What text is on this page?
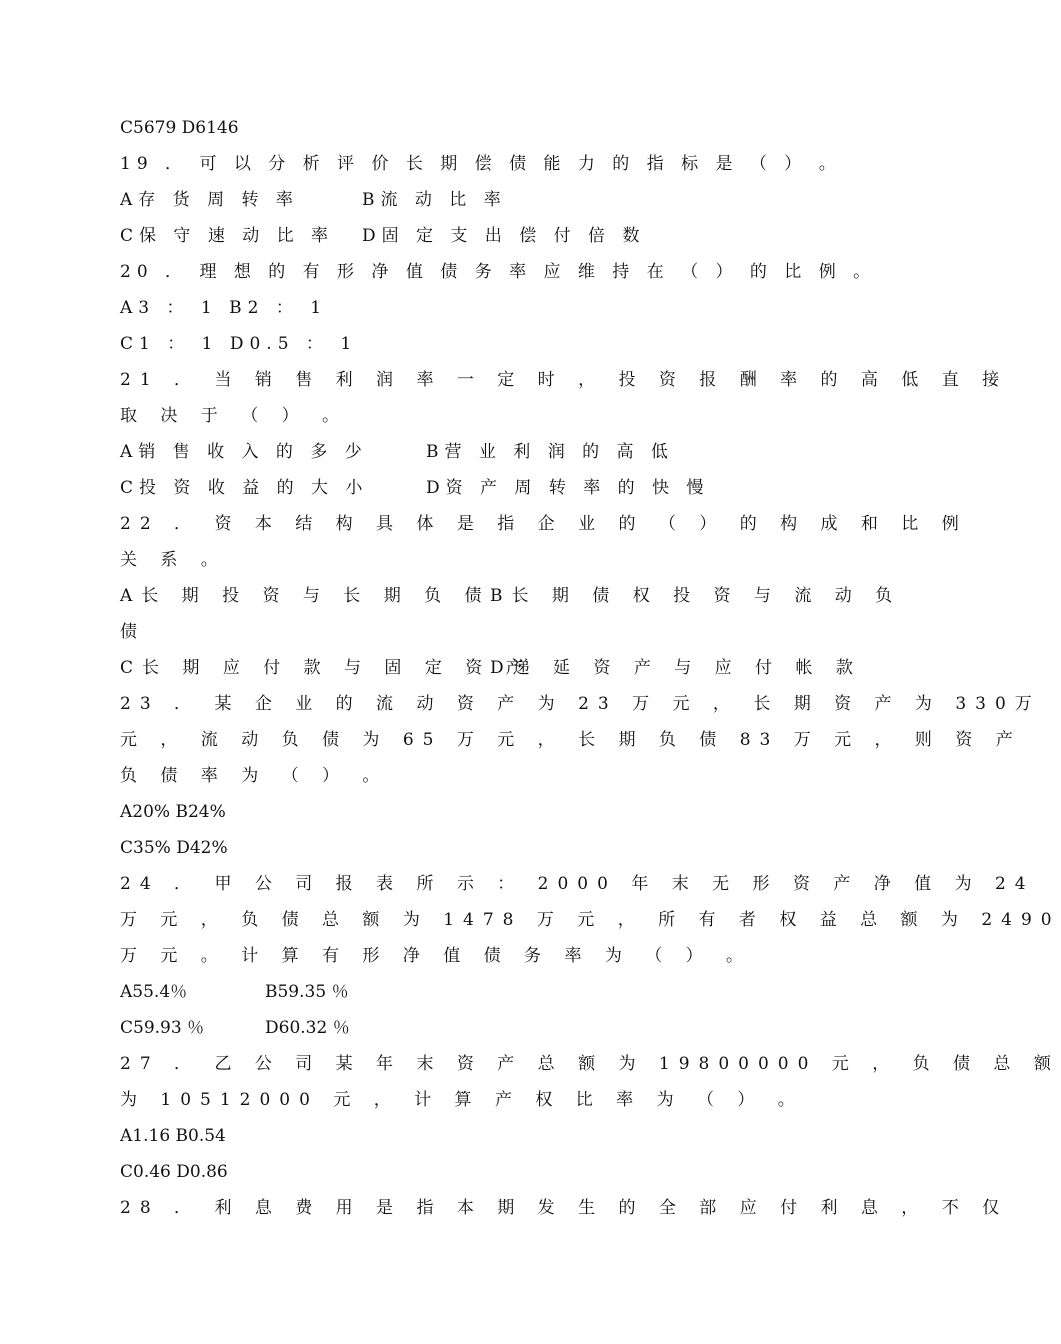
C5679 D6146
19 ． 可 以 分 析 评 价 长 期 偿 债 能 力 的 指 标 是 （ ） 。
A存 货 周 转 率	B流 动 比 率
C保 守 速 动 比 率 D固 定 支 出 偿 付 倍 数
20 ． 理 想 的 有 形 净 值 债 务 率 应 维 持 在 （ ） 的 比 例 。
A3 ： 1 B2 ： 1
C1 ： 1 D0.5 ： 1
21 ． 当 销 售 利 润 率 一 定 时 ， 投 资 报 酬 率 的 高 低 直 接
取 决 于 （ ） 。
A销 售 收 入 的 多 少	B营 业 利 润 的 高 低
C投 资 收 益 的 大 小	D资 产 周 转 率 的 快 慢
22 ． 资 本 结 构 具 体 是 指 企 业 的 （ ） 的 构 成 和 比 例
关 系 。
A长 期 投 资 与 长 期 负 债 B长 期 债 权 投 资 与 流 动 负
债
C长 期 应 付 款 与 固 定 资 产
D递 延 资 产 与 应 付 帐 款
23 ． 某 企 业 的 流 动 资 产 为 23 万 元 ， 长 期 资 产 为 330万
元 ， 流 动 负 债 为 65 万 元 ， 长 期 负 债 83 万 元 ， 则 资 产
负 债 率 为 （ ） 。
A20% B24%
C35% D42%
24 ． 甲 公 司 报 表 所 示 ： 2000 年 末 无 形 资 产 净 值 为 24
万 元 ， 负 债 总 额 为 1478 万 元 ， 所 有 者 权 益 总 额 为 2490
万 元 。 计 算 有 形 净 值 债 务 率 为 （ ） 。
A55.4％	B59.35 ％
C59.93 ％	D60.32 ％
27 ． 乙 公 司 某 年 末 资 产 总 额 为 19800000 元 ， 负 债 总 额
为 10512000 元 ， 计 算 产 权 比 率 为 （ ） 。
A1.16 B0.54
C0.46 D0.86
28 ． 利 息 费 用 是 指 本 期 发 生 的 全 部 应 付 利 息 ， 不 仅
